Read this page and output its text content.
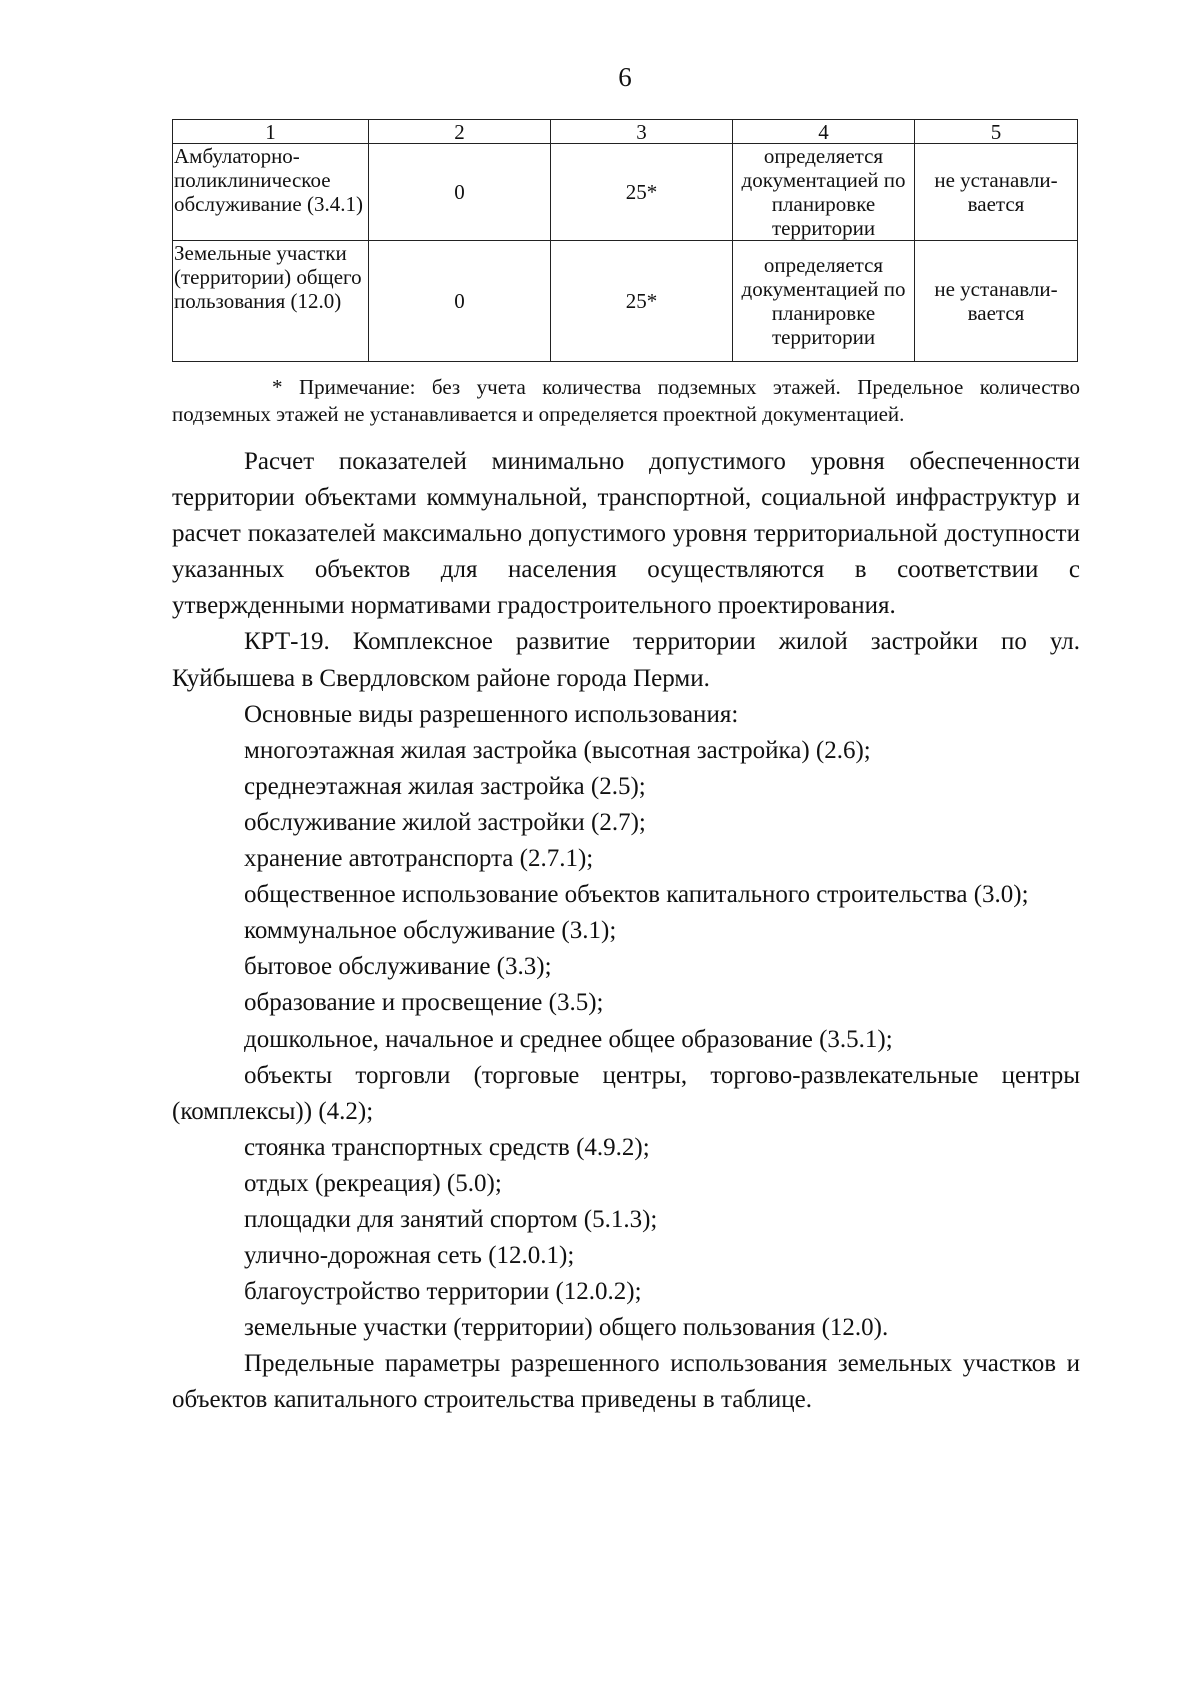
6
1	2	3	4	5
Амбулаторно-поликлиническое обслуживание (3.4.1)	0	25*	определяется документацией по планировке территории	не устанавли-вается
Земельные участки (территории) общего пользования (12.0)	0	25*	определяется документацией по планировке территории	не устанавли-вается

* Примечание: без учета количества подземных этажей. Предельное количество подземных этажей не устанавливается и определяется проектной документацией.

Расчет показателей минимально допустимого уровня обеспеченности территории объектами коммунальной, транспортной, социальной инфраструктур и расчет показателей максимально допустимого уровня территориальной доступности указанных объектов для населения осуществляются в соответствии с утвержденными нормативами градостроительного проектирования.

КРТ-19. Комплексное развитие территории жилой застройки по ул. Куйбышева в Свердловском районе города Перми.

Основные виды разрешенного использования:

многоэтажная жилая застройка (высотная застройка) (2.6);

среднеэтажная жилая застройка (2.5);

обслуживание жилой застройки (2.7);

хранение автотранспорта (2.7.1);

общественное использование объектов капитального строительства (3.0);

коммунальное обслуживание (3.1);

бытовое обслуживание (3.3);

образование и просвещение (3.5);

дошкольное, начальное и среднее общее образование (3.5.1);

объекты торговли (торговые центры, торгово-развлекательные центры (комплексы)) (4.2);

стоянка транспортных средств (4.9.2);

отдых (рекреация) (5.0);

площадки для занятий спортом (5.1.3);

улично-дорожная сеть (12.0.1);

благоустройство территории (12.0.2);

земельные участки (территории) общего пользования (12.0).

Предельные параметры разрешенного использования земельных участков и объектов капитального строительства приведены в таблице.
